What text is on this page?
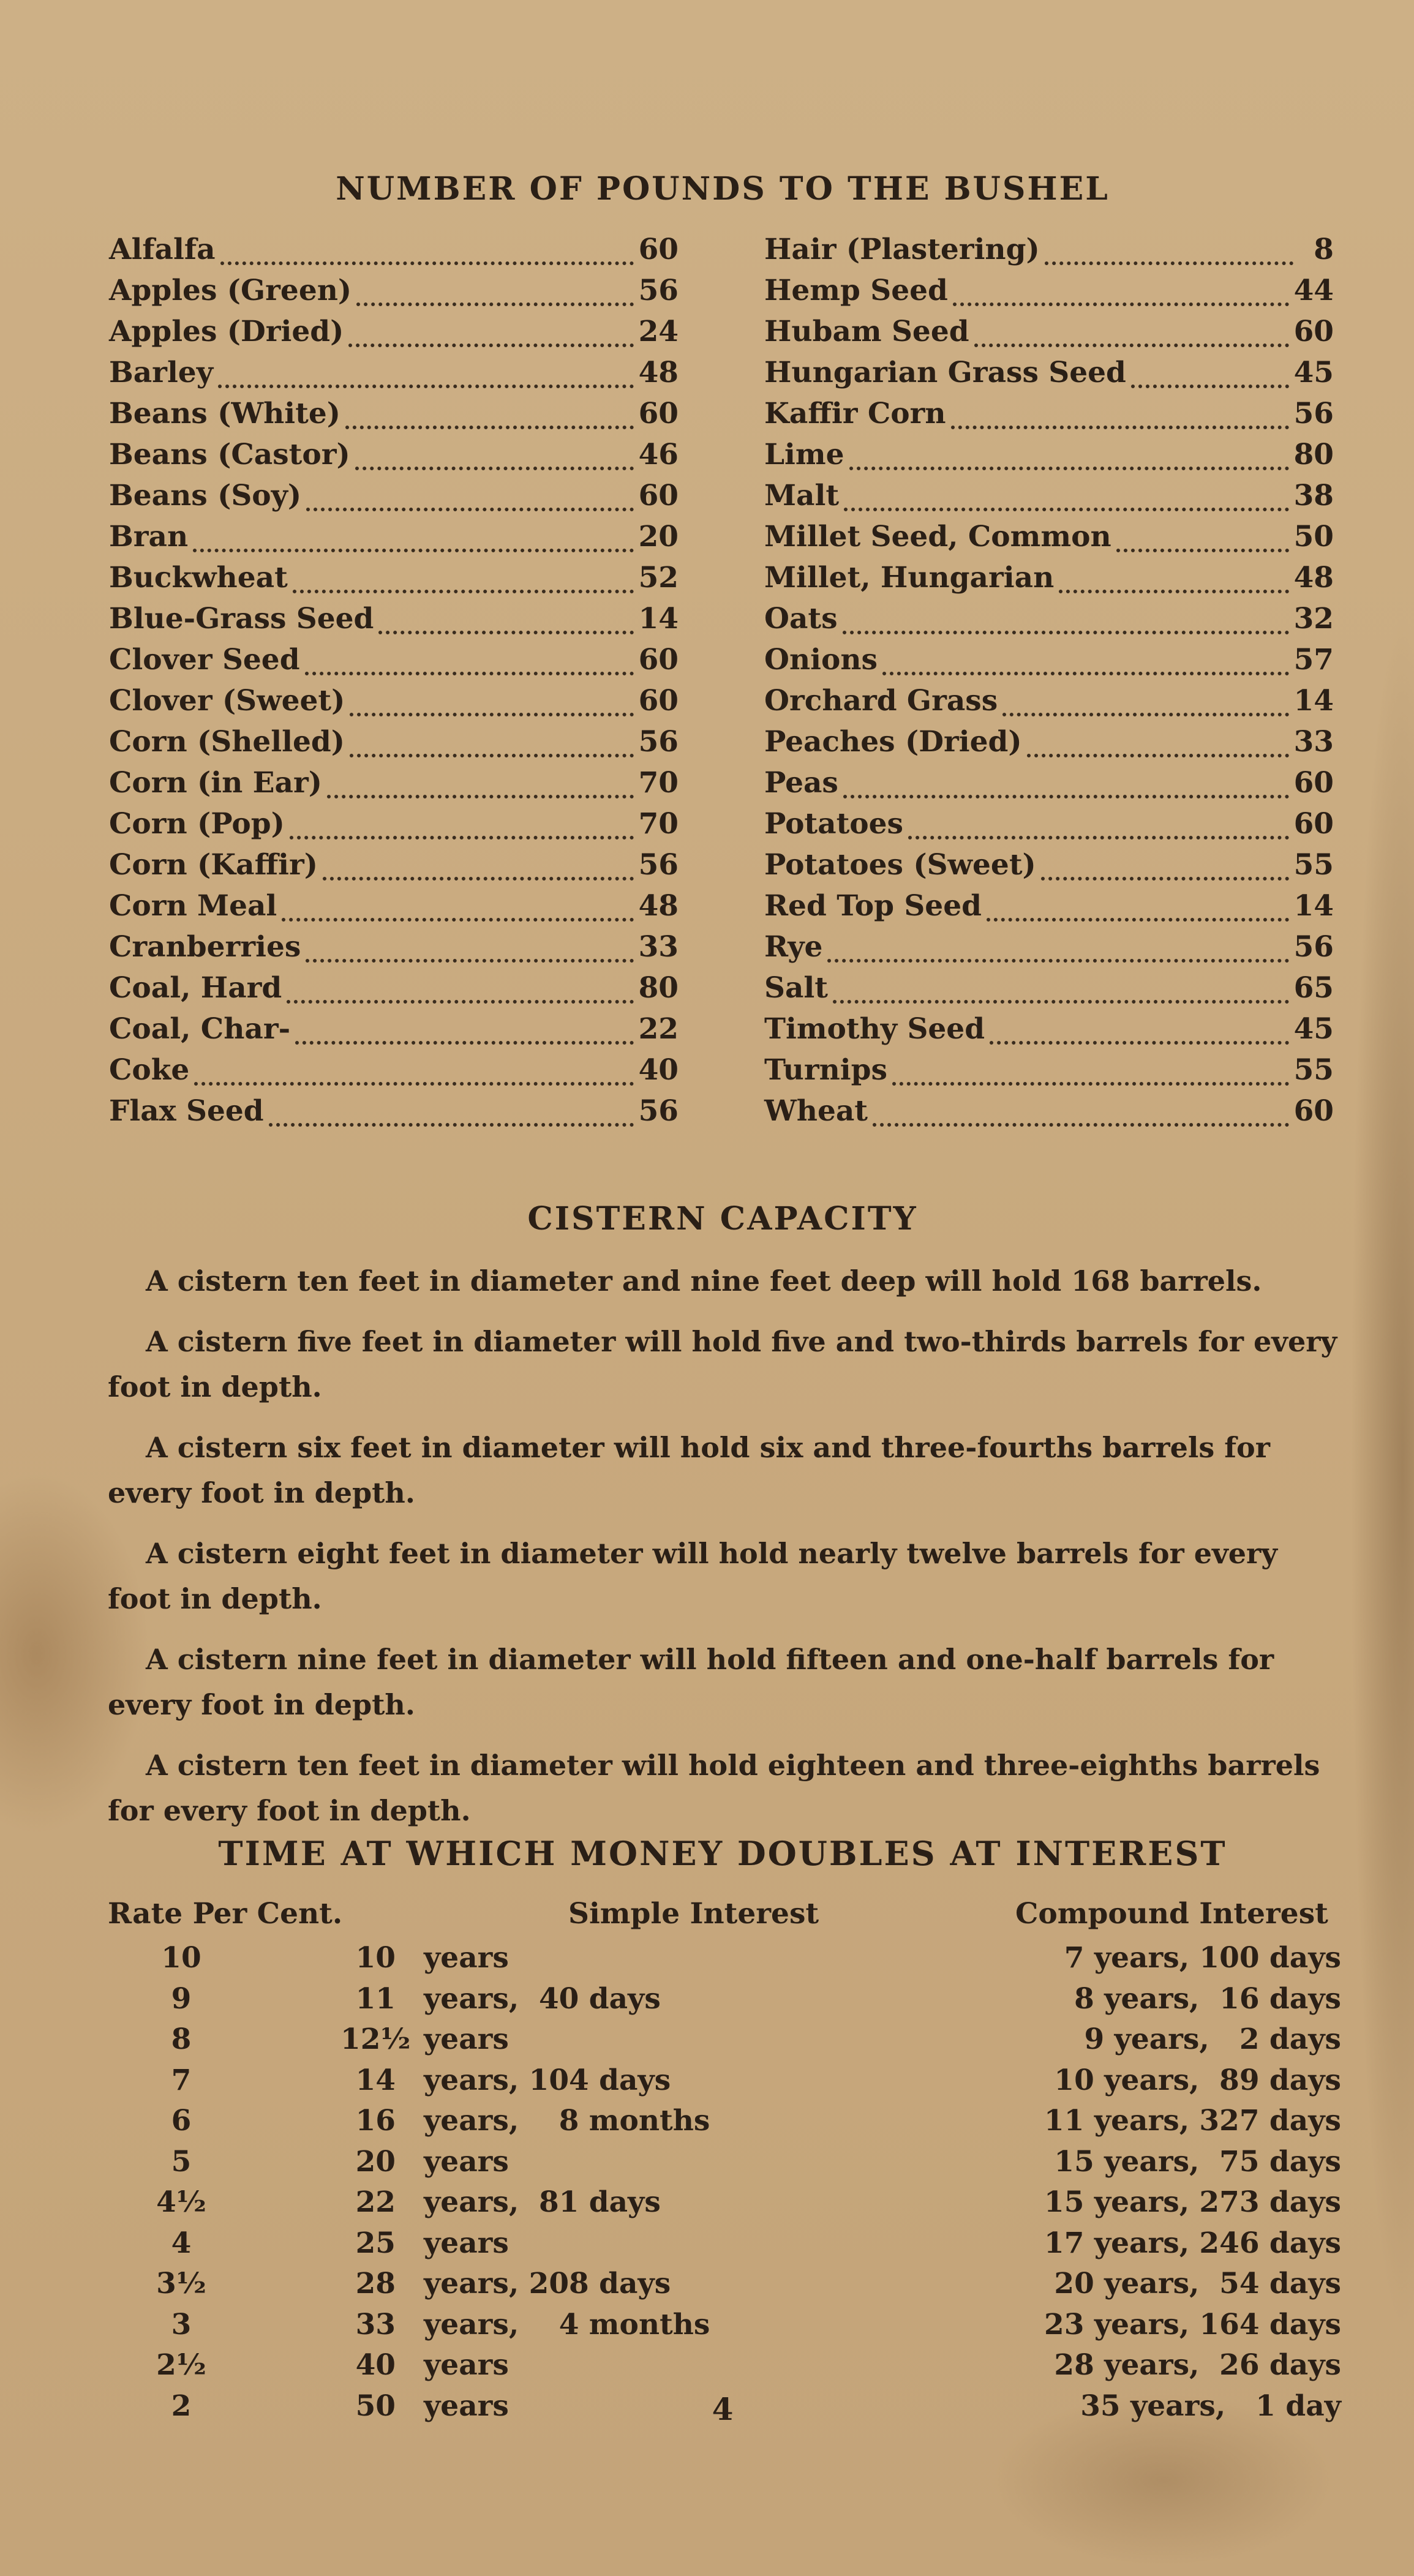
NUMBER OF POUNDS TO THE BUSHEL
Alfalfa	60
Apples (Green)	56
Apples (Dried)	24
Barley	48
Beans (White)	60
Beans (Castor)	46
Beans (Soy)	60
Bran	20
Buckwheat	52
Blue-Grass Seed	14
Clover Seed	60
Clover (Sweet)	60
Corn (Shelled)	56
Corn (in Ear)	70
Corn (Pop)	70
Corn (Kaffir)	56
Corn Meal	48
Cranberries	33
Coal, Hard	80
Coal, Char-	22
Coke	40
Flax Seed	56
Hair (Plastering)	8
Hemp Seed	44
Hubam Seed	60
Hungarian Grass Seed	45
Kaffir Corn	56
Lime	80
Malt	38
Millet Seed, Common	50
Millet, Hungarian	48
Oats	32
Onions	57
Orchard Grass	14
Peaches (Dried)	33
Peas	60
Potatoes	60
Potatoes (Sweet)	55
Red Top Seed	14
Rye	56
Salt	65
Timothy Seed	45
Turnips	55
Wheat	60
CISTERN CAPACITY

A cistern ten feet in diameter and nine feet deep will hold 168 barrels.

A cistern five feet in diameter will hold five and two-thirds barrels for every foot in depth.

A cistern six feet in diameter will hold six and three-fourths barrels for every foot in depth.

A cistern eight feet in diameter will hold nearly twelve barrels for every foot in depth.

A cistern nine feet in diameter will hold fifteen and one-half barrels for every foot in depth.

A cistern ten feet in diameter will hold eighteen and three-eighths barrels for every foot in depth.

TIME AT WHICH MONEY DOUBLES AT INTEREST
Rate Per Cent.	Simple Interest	Compound Interest
10	10 years	7 years, 100 days
9	11 years,  40 days	8 years,  16 days
8	12½ years	9 years,   2 days
7	14 years, 104 days	10 years,  89 days
6	16 years,    8 months	11 years, 327 days
5	20 years	15 years,  75 days
4½	22 years,  81 days	15 years, 273 days
4	25 years	17 years, 246 days
3½	28 years, 208 days	20 years,  54 days
3	33 years,    4 months	23 years, 164 days
2½	40 years	28 years,  26 days
2	50 years	35 years,   1 day
4
